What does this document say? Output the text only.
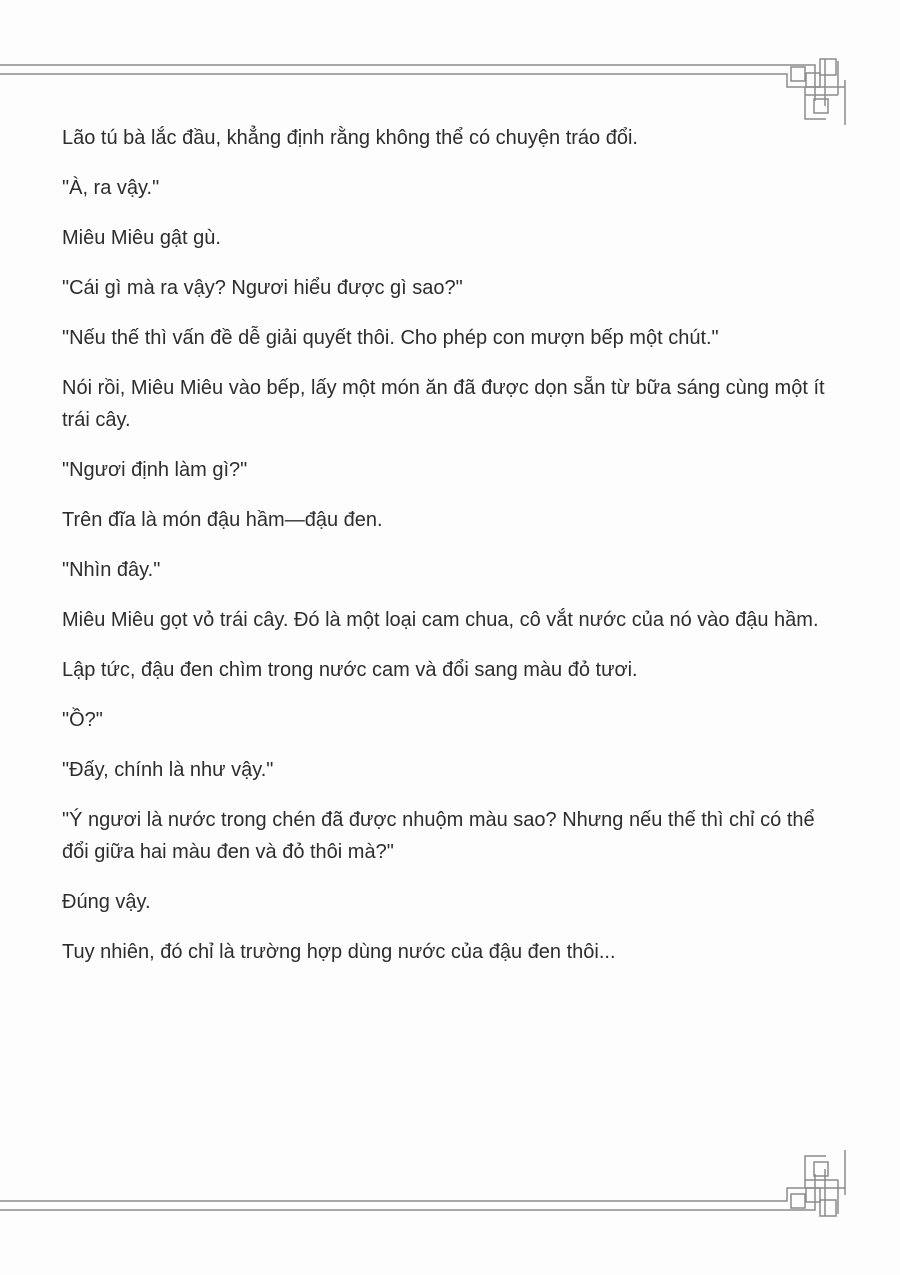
Lão tú bà lắc đầu, khẳng định rằng không thể có chuyện tráo đổi.

"À, ra vậy."

Miêu Miêu gật gù.

"Cái gì mà ra vậy? Ngươi hiểu được gì sao?"

"Nếu thế thì vấn đề dễ giải quyết thôi. Cho phép con mượn bếp một chút."

Nói rồi, Miêu Miêu vào bếp, lấy một món ăn đã được dọn sẵn từ bữa sáng cùng một ít trái cây.

"Ngươi định làm gì?"

Trên đĩa là món đậu hầm—đậu đen.

"Nhìn đây."

Miêu Miêu gọt vỏ trái cây. Đó là một loại cam chua, cô vắt nước của nó vào đậu hầm.

Lập tức, đậu đen chìm trong nước cam và đổi sang màu đỏ tươi.

"Ồ?"

"Đấy, chính là như vậy."

"Ý ngươi là nước trong chén đã được nhuộm màu sao? Nhưng nếu thế thì chỉ có thể đổi giữa hai màu đen và đỏ thôi mà?"

Đúng vậy.

Tuy nhiên, đó chỉ là trường hợp dùng nước của đậu đen thôi...
